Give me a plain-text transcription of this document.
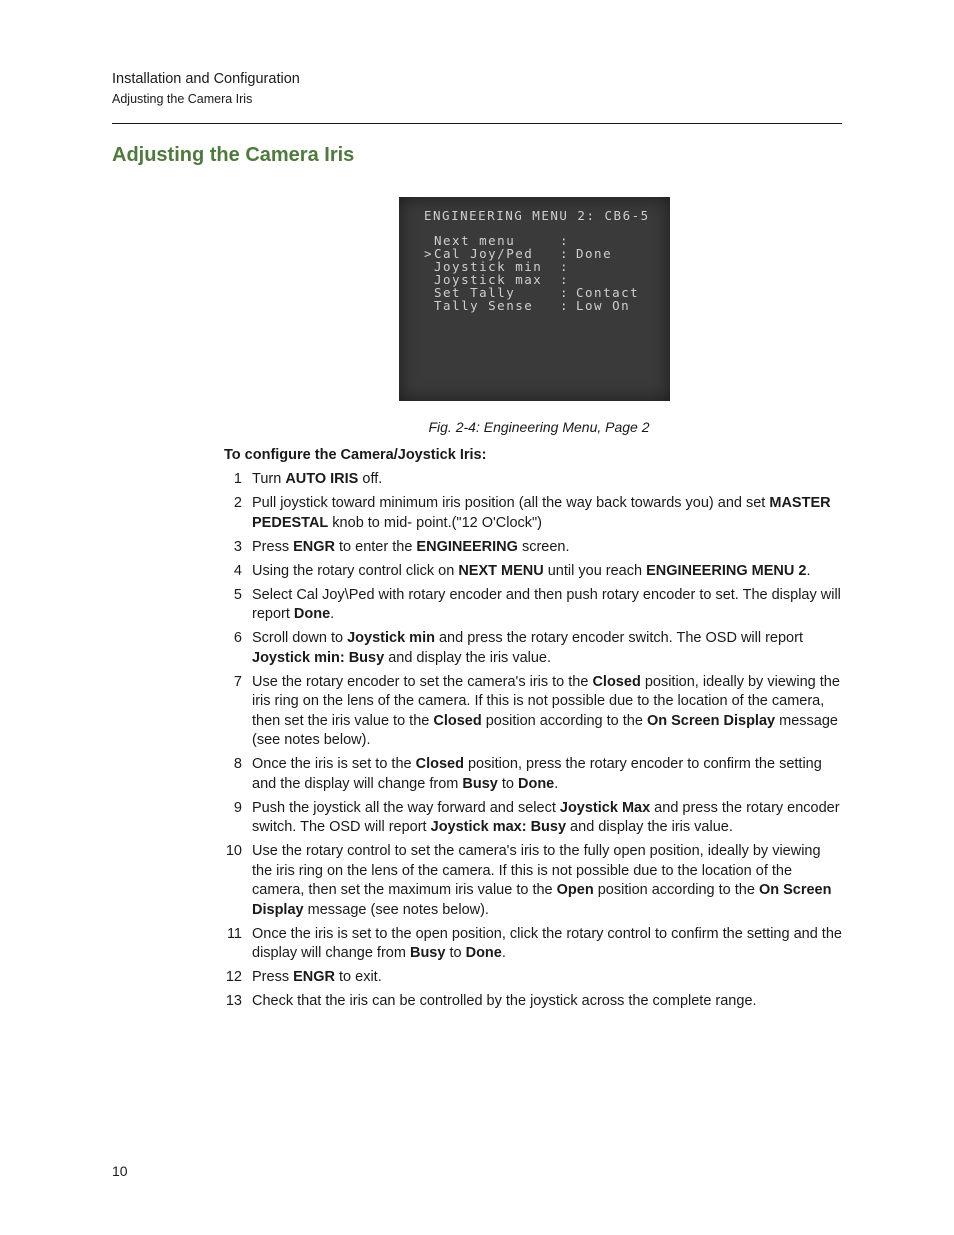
Installation and Configuration
Adjusting the Camera Iris
Adjusting the Camera Iris
ENGINEERING MENU 2: CB6-5
Next menu	:
>Cal Joy/Ped : Done
Joystick min :
Joystick max :
Set Tally	: Contact
Tally Sense : Low On
Fig. 2-4: Engineering Menu, Page 2
To configure the Camera/Joystick Iris:
1 Turn AUTO IRIS off.
2 Pull joystick toward minimum iris position (all the way back towards you) and set MASTER PEDESTAL knob to mid- point.("12 O'Clock")
3 Press ENGR to enter the ENGINEERING screen.
4 Using the rotary control click on NEXT MENU until you reach ENGINEERING MENU 2.
5 Select Cal Joy\Ped with rotary encoder and then push rotary encoder to set. The display will report Done.
6 Scroll down to Joystick min and press the rotary encoder switch. The OSD will report Joystick min: Busy and display the iris value.
7 Use the rotary encoder to set the camera's iris to the Closed position, ideally by viewing the iris ring on the lens of the camera. If this is not possible due to the location of the camera, then set the iris value to the Closed position according to the On Screen Display message (see notes below).
8 Once the iris is set to the Closed position, press the rotary encoder to confirm the setting and the display will change from Busy to Done.
9 Push the joystick all the way forward and select Joystick Max and press the rotary encoder switch. The OSD will report Joystick max: Busy and display the iris value.
10 Use the rotary control to set the camera's iris to the fully open position, ideally by viewing the iris ring on the lens of the camera. If this is not possible due to the location of the camera, then set the maximum iris value to the Open position according to the On Screen Display message (see notes below).
11 Once the iris is set to the open position, click the rotary control to confirm the setting and the display will change from Busy to Done.
12 Press ENGR to exit.
13 Check that the iris can be controlled by the joystick across the complete range.
10
